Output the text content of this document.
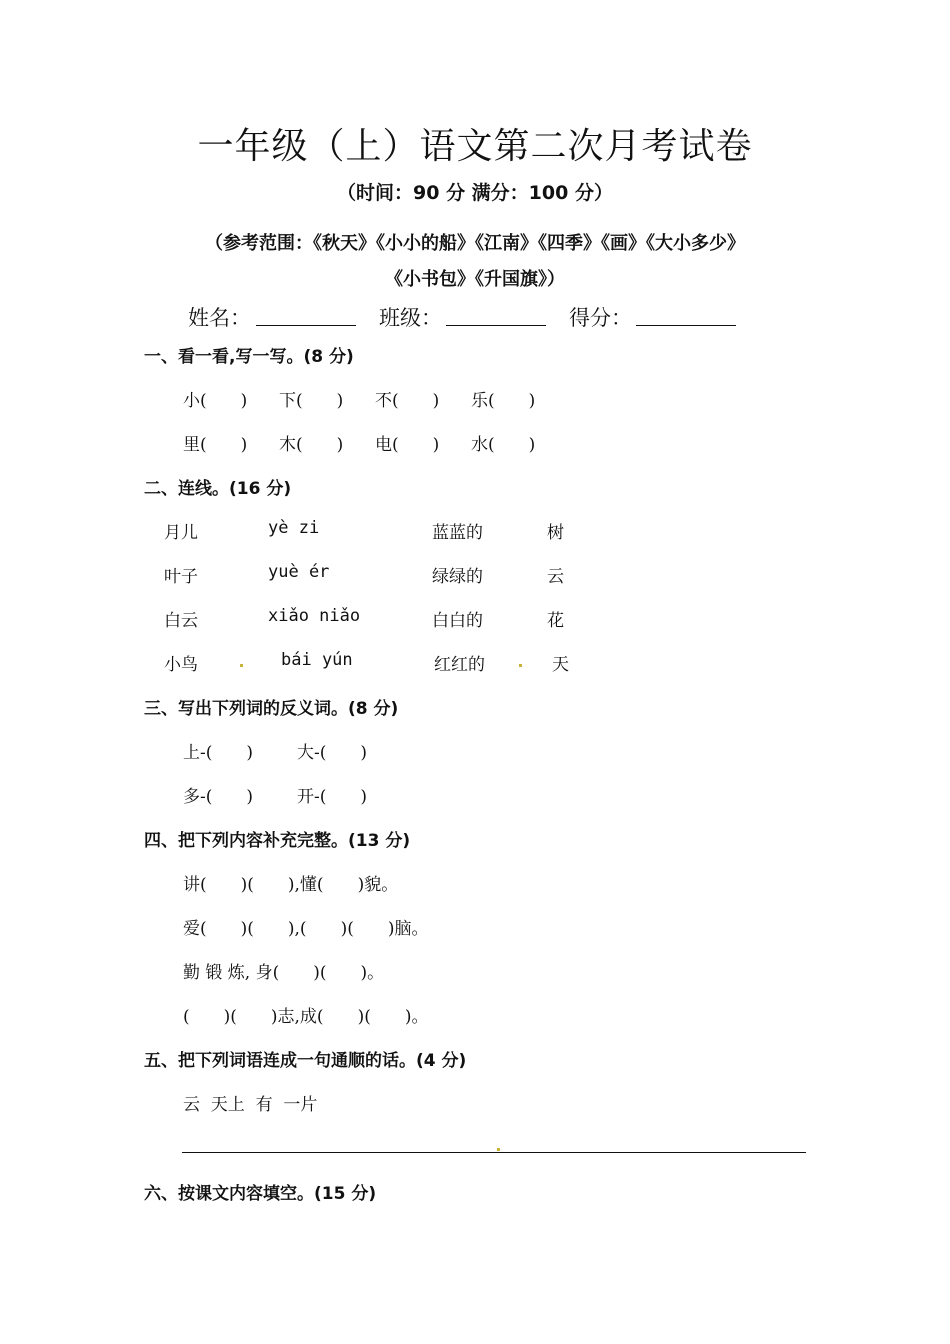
一年级（上）语文第二次月考试卷
（时间：90 分 满分：100 分）
（参考范围：《秋天》《小小的船》《江南》《四季》《画》《大小多少》
《小书包》《升国旗》）
姓名：	班级：	得分：
一、看一看,写一写。(8 分)
小(　　) 下(　　) 不(　　) 乐(　　)
里(　　) 木(　　) 电(　　) 水(　　)
二、连线。(16 分)
月儿	yè zi	蓝蓝的	树
叶子	yuè ér	绿绿的	云
白云	xiǎo niǎo	白白的	花
小鸟	bái yún	红红的	天
三、写出下列词的反义词。(8 分)
上-(　　)	大-(　　)
多-(　　)	开-(　　)
四、把下列内容补充完整。(13 分)
讲(　　)(　　),懂(　　)貌。
爱(　　)(　　),(　　)(　　)脑。
勤 锻 炼, 身(　　)(　　)。
(　　)(　　)志,成(　　)(　　)。
五、把下列词语连成一句通顺的话。(4 分)
云  天上  有  一片
六、按课文内容填空。(15 分)
